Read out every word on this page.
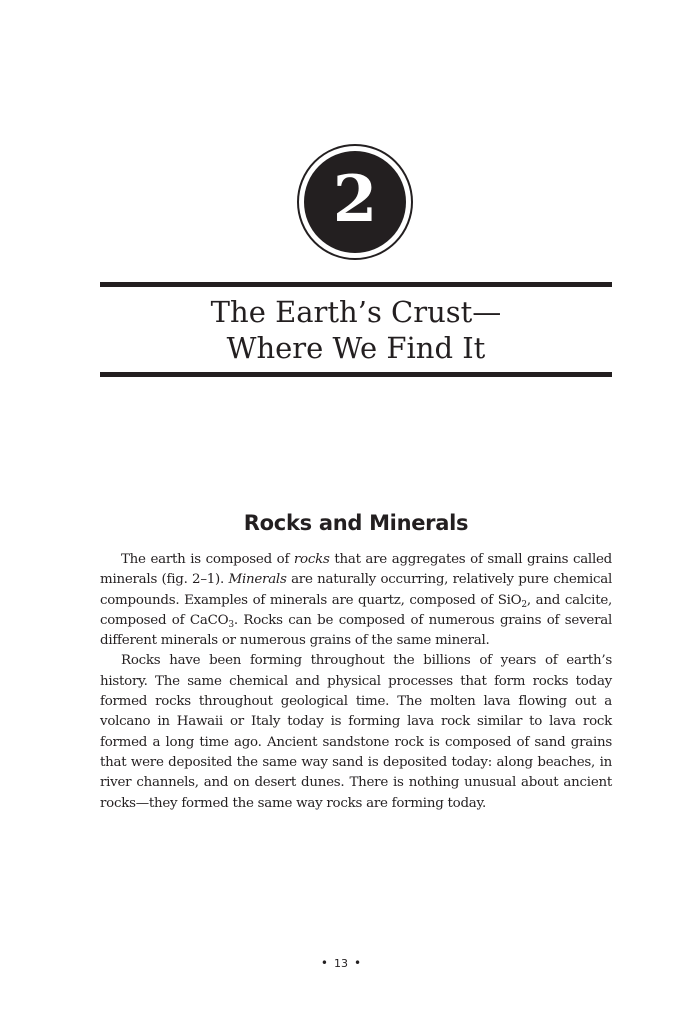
2
The Earth’s Crust—
Where We Find It
Rocks and Minerals

The earth is composed of rocks that are aggregates of small grains called minerals (fig. 2–1). Minerals are naturally occurring, relatively pure chemical compounds. Examples of minerals are quartz, composed of SiO$_2$, and calcite, composed of CaCO$_3$. Rocks can be composed of numerous grains of several different minerals or numerous grains of the same mineral.

Rocks have been forming throughout the billions of years of earth’s history. The same chemical and physical processes that form rocks today formed rocks throughout geological time. The molten lava flowing out a volcano in Hawaii or Italy today is forming lava rock similar to lava rock formed a long time ago. Ancient sandstone rock is composed of sand grains that were deposited the same way sand is deposited today: along beaches, in river channels, and on desert dunes. There is nothing unusual about ancient rocks—they formed the same way rocks are forming today.

• 13 •
